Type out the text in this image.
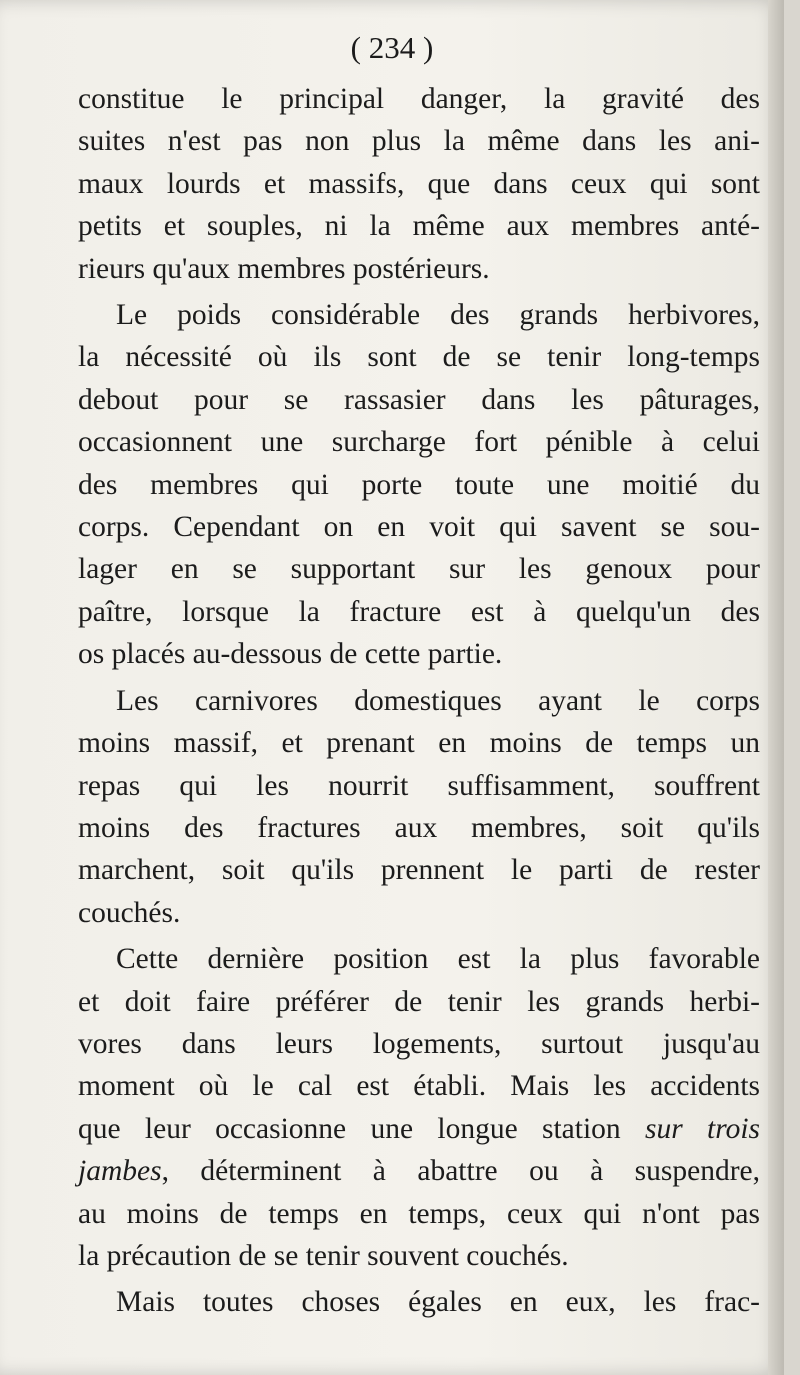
( 234 )
constitue le principal danger, la gravité des
suites n'est pas non plus la même dans les ani-
maux lourds et massifs, que dans ceux qui sont
petits et souples, ni la même aux membres anté-
rieurs qu'aux membres postérieurs.
Le poids considérable des grands herbivores,
la nécessité où ils sont de se tenir long-temps
debout pour se rassasier dans les pâturages,
occasionnent une surcharge fort pénible à celui
des membres qui porte toute une moitié du
corps. Cependant on en voit qui savent se sou-
lager en se supportant sur les genoux pour
paître, lorsque la fracture est à quelqu'un des
os placés au-dessous de cette partie.
Les carnivores domestiques ayant le corps
moins massif, et prenant en moins de temps un
repas qui les nourrit suffisamment, souffrent
moins des fractures aux membres, soit qu'ils
marchent, soit qu'ils prennent le parti de rester
couchés.
Cette dernière position est la plus favorable
et doit faire préférer de tenir les grands herbi-
vores dans leurs logements, surtout jusqu'au
moment où le cal est établi. Mais les accidents
que leur occasionne une longue station sur trois
jambes, déterminent à abattre ou à suspendre,
au moins de temps en temps, ceux qui n'ont pas
la précaution de se tenir souvent couchés.
Mais toutes choses égales en eux, les frac-
